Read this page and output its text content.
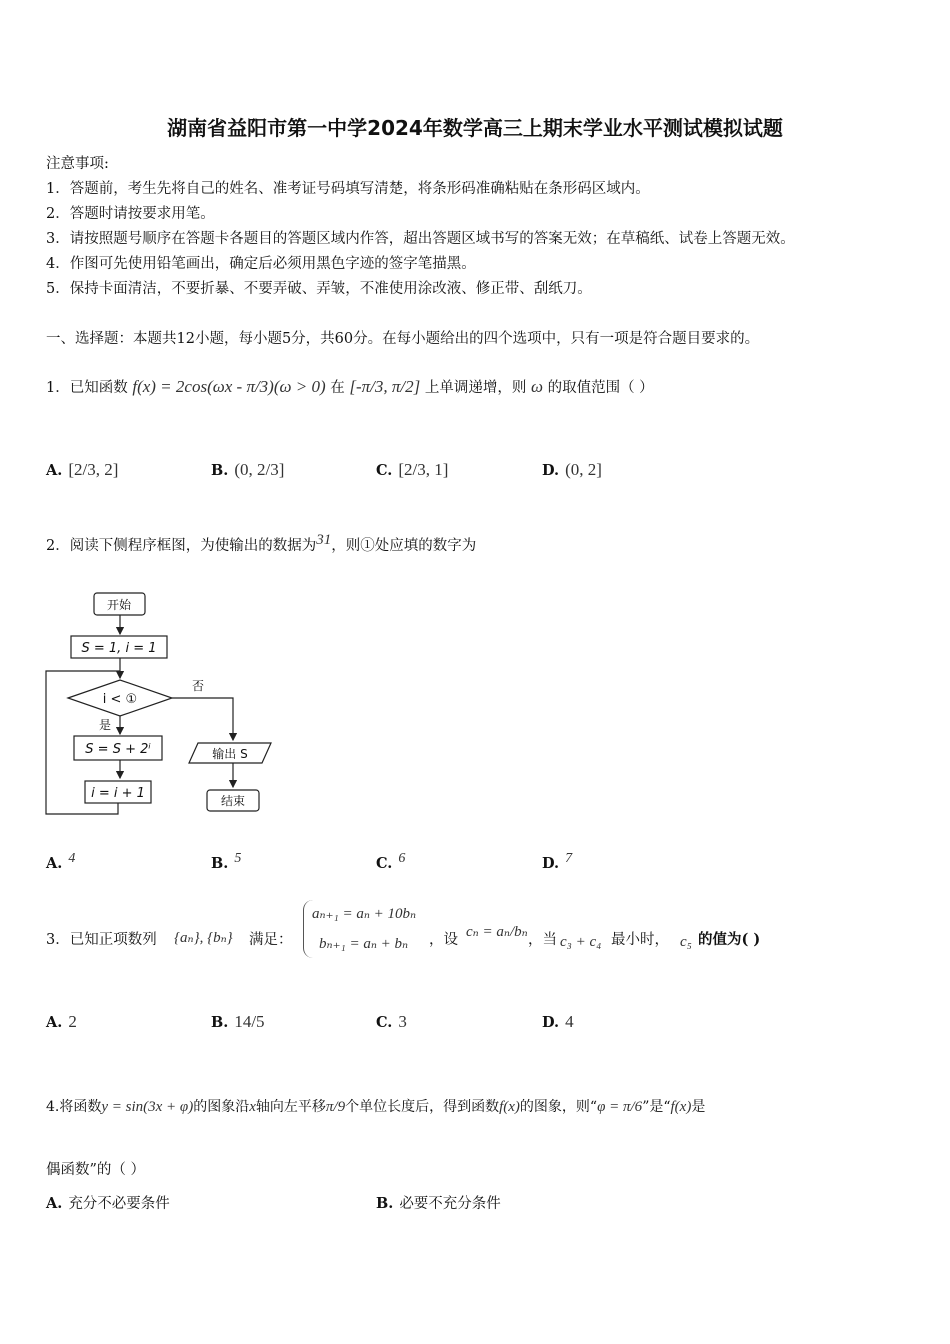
湖南省益阳市第一中学2024年数学高三上期末学业水平测试模拟试题
注意事项:
1．答题前，考生先将自己的姓名、准考证号码填写清楚，将条形码准确粘贴在条形码区域内。
2．答题时请按要求用笔。
3．请按照题号顺序在答题卡各题目的答题区域内作答，超出答题区域书写的答案无效；在草稿纸、试卷上答题无效。
4．作图可先使用铅笔画出，确定后必须用黑色字迹的签字笔描黑。
5．保持卡面清洁，不要折暴、不要弄破、弄皱，不准使用涂改液、修正带、刮纸刀。
一、选择题：本题共12小题，每小题5分，共60分。在每小题给出的四个选项中，只有一项是符合题目要求的。
1．已知函数 f(x) = 2cos(ωx - π/3)(ω > 0) 在 [-π/3, π/2] 上单调递增，则 ω 的取值范围（ ）
A. [2/3, 2]	B. (0, 2/3]	C. [2/3, 1]	D. (0, 2]
2．阅读下侧程序框图，为使输出的数据为31，则①处应填的数字为
开始
S = 1, i = 1
i < ①
否
是
S = S + 2ⁱ
i = i + 1
输出 S
结束
A. 4	B. 5	C. 6	D. 7
3．已知正项数列 {aₙ}, {bₙ} 满足：
aₙ₊₁ = aₙ + 10bₙ
bₙ₊₁ = aₙ + bₙ ，设 cₙ = aₙ/bₙ ，当 c₃ + c₄ 最小时， c₅ 的值为( )
A. 2	B. 14/5	C. 3	D. 4
4.将函数y = sin(3x + φ)的图象沿x轴向左平移π/9个单位长度后，得到函数f(x)的图象，则“φ = π/6”是“f(x)是
偶函数”的（ ）
A. 充分不必要条件	B. 必要不充分条件
